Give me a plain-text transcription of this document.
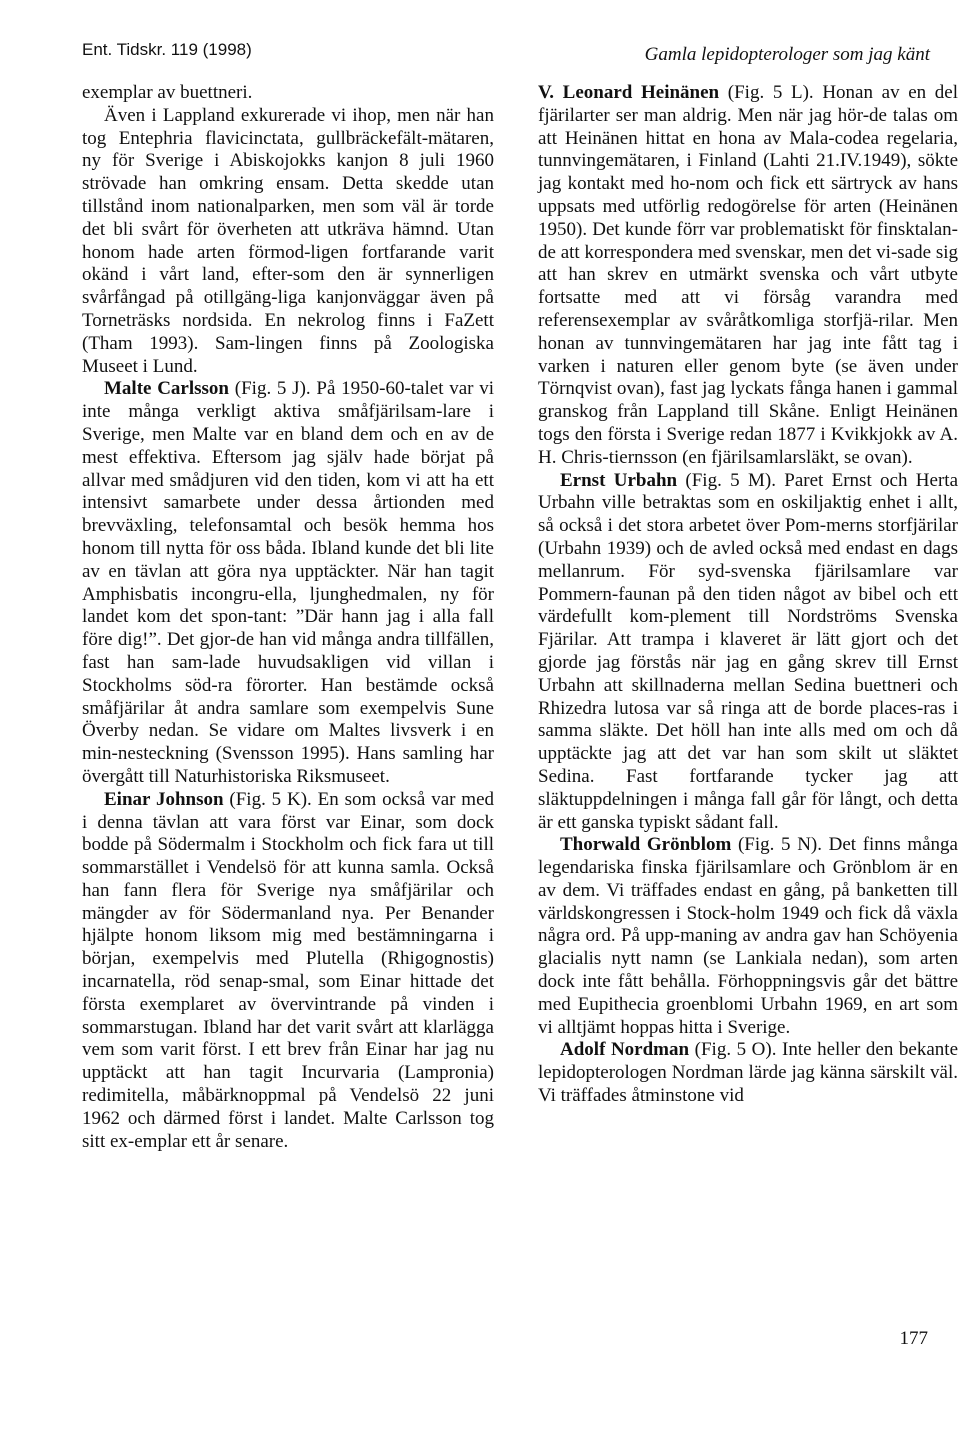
Ent. Tidskr. 119 (1998)	Gamla lepidopterologer som jag känt

exemplar av buettneri.

Även i Lappland exkurerade vi ihop, men när han tog Entephria flavicinctata, gullbräckefält-mätaren, ny för Sverige i Abiskojokks kanjon 8 juli 1960 strövade han omkring ensam. Detta skedde utan tillstånd inom nationalparken, men som väl är torde det bli svårt för överheten att utkräva hämnd. Utan honom hade arten förmod-ligen fortfarande varit okänd i vårt land, efter-som den är synnerligen svårfångad på otillgäng-liga kanjonväggar även på Torneträsks nordsida. En nekrolog finns i FaZett (Tham 1993). Sam-lingen finns på Zoologiska Museet i Lund.

Malte Carlsson (Fig. 5 J). På 1950-60-talet var vi inte många verkligt aktiva småfjärilsam-lare i Sverige, men Malte var en bland dem och en av de mest effektiva. Eftersom jag själv hade börjat på allvar med smådjuren vid den tiden, kom vi att ha ett intensivt samarbete under dessa årtionden med brevväxling, telefonsamtal och besök hemma hos honom till nytta för oss båda. Ibland kunde det bli lite av en tävlan att göra nya upptäckter. När han tagit Amphisbatis incongru-ella, ljunghedmalen, ny för landet kom det spon-tant: ”Där hann jag i alla fall före dig!”. Det gjor-de han vid många andra tillfällen, fast han sam-lade huvudsakligen vid villan i Stockholms söd-ra förorter. Han bestämde också småfjärilar åt andra samlare som exempelvis Sune Överby nedan. Se vidare om Maltes livsverk i en min-nesteckning (Svensson 1995). Hans samling har övergått till Naturhistoriska Riksmuseet.

Einar Johnson (Fig. 5 K). En som också var med i denna tävlan att vara först var Einar, som dock bodde på Södermalm i Stockholm och fick fara ut till sommarstället i Vendelsö för att kunna samla. Också han fann flera för Sverige nya småfjärilar och mängder av för Södermanland nya. Per Benander hjälpte honom liksom mig med bestämningarna i början, exempelvis med Plutella (Rhigognostis) incarnatella, röd senap-smal, som Einar hittade det första exemplaret av övervintrande på vinden i sommarstugan. Ibland har det varit svårt att klarlägga vem som varit först. I ett brev från Einar har jag nu upptäckt att han tagit Incurvaria (Lampronia) redimitella, måbärknoppmal på Vendelsö 22 juni 1962 och därmed först i landet. Malte Carlsson tog sitt ex-emplar ett år senare.

V. Leonard Heinänen (Fig. 5 L). Honan av en del fjärilarter ser man aldrig. Men när jag hör-de talas om att Heinänen hittat en hona av Mala-codea regelaria, tunnvingemätaren, i Finland (Lahti 21.IV.1949), sökte jag kontakt med ho-nom och fick ett särtryck av hans uppsats med utförlig redogörelse för arten (Heinänen 1950). Det kunde förr var problematiskt för finsktalan-de att korrespondera med svenskar, men det vi-sade sig att han skrev en utmärkt svenska och vårt utbyte fortsatte med att vi försåg varandra med referensexemplar av svåråtkomliga storfjä-rilar. Men honan av tunnvingemätaren har jag inte fått tag i varken i naturen eller genom byte (se även under Törnqvist ovan), fast jag lyckats fånga hanen i gammal granskog från Lappland till Skåne. Enligt Heinänen togs den första i Sverige redan 1877 i Kvikkjokk av A. H. Chris-tiernsson (en fjärilsamlarsläkt, se ovan).

Ernst Urbahn (Fig. 5 M). Paret Ernst och Herta Urbahn ville betraktas som en oskiljaktig enhet i allt, så också i det stora arbetet över Pom-merns storfjärilar (Urbahn 1939) och de avled också med endast en dags mellanrum. För syd-svenska fjärilsamlare var Pommern-faunan på den tiden något av bibel och ett värdefullt kom-plement till Nordströms Svenska Fjärilar. Att trampa i klaveret är lätt gjort och det gjorde jag förstås när jag en gång skrev till Ernst Urbahn att skillnaderna mellan Sedina buettneri och Rhizedra lutosa var så ringa att de borde places-ras i samma släkte. Det höll han inte alls med om och då upptäckte jag att det var han som skilt ut släktet Sedina. Fast fortfarande tycker jag att släktuppdelningen i många fall går för långt, och detta är ett ganska typiskt sådant fall.

Thorwald Grönblom (Fig. 5 N). Det finns många legendariska finska fjärilsamlare och Grönblom är en av dem. Vi träffades endast en gång, på banketten till världskongressen i Stock-holm 1949 och fick då växla några ord. På upp-maning av andra gav han Schöyenia glacialis nytt namn (se Lankiala nedan), som arten dock inte fått behålla. Förhoppningsvis går det bättre med Eupithecia groenblomi Urbahn 1969, en art som vi alltjämt hoppas hitta i Sverige.

Adolf Nordman (Fig. 5 O). Inte heller den bekante lepidopterologen Nordman lärde jag känna särskilt väl. Vi träffades åtminstone vid

177
